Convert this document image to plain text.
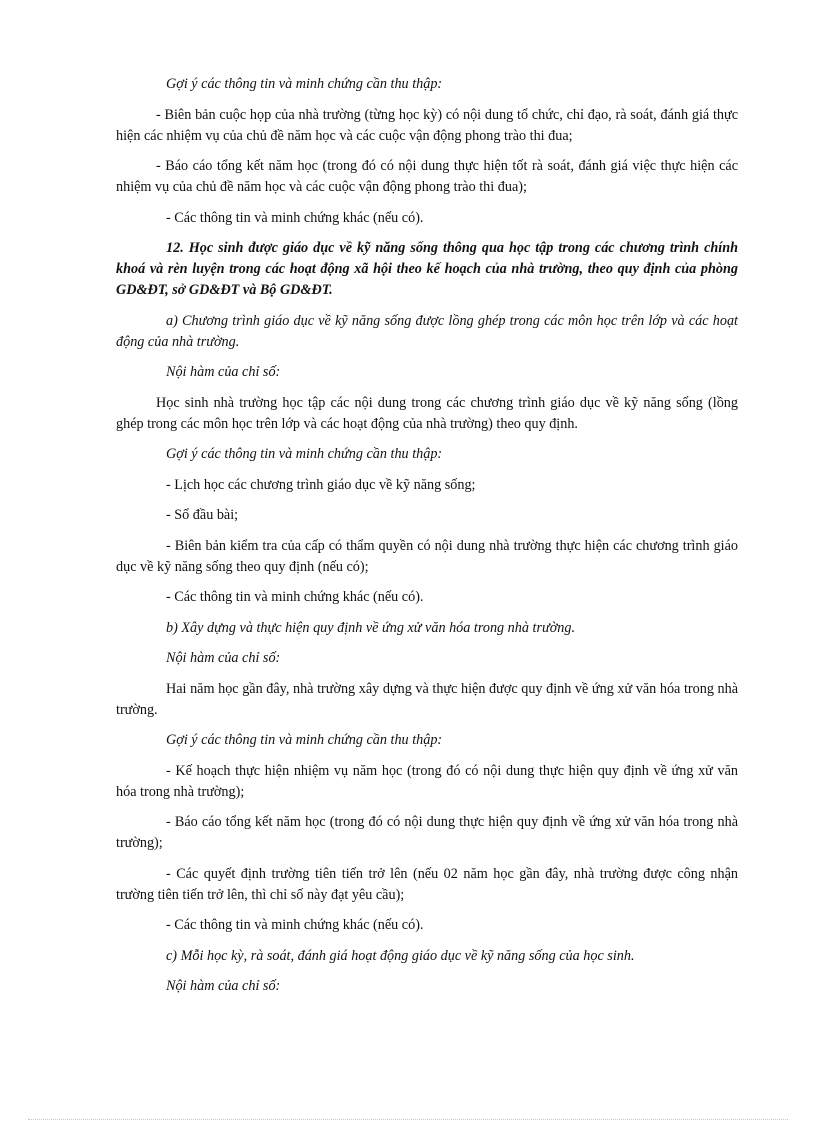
Gợi ý các thông tin và minh chứng cần thu thập:

- Biên bản cuộc họp của nhà trường (từng học kỳ) có nội dung tổ chức, chỉ đạo, rà soát, đánh giá thực hiện các nhiệm vụ của chủ đề năm học và các cuộc vận động phong trào thi đua;

- Báo cáo tổng kết năm học (trong đó có nội dung thực hiện tốt rà soát, đánh giá việc thực hiện các nhiệm vụ của chủ đề năm học và các cuộc vận động phong trào thi đua);

- Các thông tin và minh chứng khác (nếu có).

12. Học sinh được giáo dục về kỹ năng sống thông qua học tập trong các chương trình chính khoá và rèn luyện trong các hoạt động xã hội theo kế hoạch của nhà trường, theo quy định của phòng GD&ĐT, sở GD&ĐT và Bộ GD&ĐT.

a) Chương trình giáo dục về kỹ năng sống được lồng ghép trong các môn học trên lớp và các hoạt động của nhà trường.

Nội hàm của chỉ số:

Học sinh nhà trường học tập các nội dung trong các chương trình giáo dục về kỹ năng sống (lồng ghép trong các môn học trên lớp và các hoạt động của nhà trường) theo quy định.

Gợi ý các thông tin và minh chứng cần thu thập:

- Lịch học các chương trình giáo dục về kỹ năng sống;

- Sổ đầu bài;

- Biên bản kiểm tra của cấp có thẩm quyền có nội dung nhà trường thực hiện các chương trình giáo dục về kỹ năng sống theo quy định (nếu có);

- Các thông tin và minh chứng khác (nếu có).

b) Xây dựng và thực hiện quy định về ứng xử văn hóa trong nhà trường.

Nội hàm của chỉ số:

Hai năm học gần đây, nhà trường xây dựng và thực hiện được quy định về ứng xử văn hóa trong nhà trường.

Gợi ý các thông tin và minh chứng cần thu thập:

- Kế hoạch thực hiện nhiệm vụ năm học (trong đó có nội dung thực hiện quy định về ứng xử văn hóa trong nhà trường);

- Báo cáo tổng kết năm học (trong đó có nội dung thực hiện quy định về ứng xử văn hóa trong nhà trường);

- Các quyết định trường tiên tiến trở lên (nếu 02 năm học gần đây, nhà trường được công nhận trường tiên tiến trở lên, thì chỉ số này đạt yêu cầu);

- Các thông tin và minh chứng khác (nếu có).

c) Mỗi học kỳ, rà soát, đánh giá hoạt động giáo dục về kỹ năng sống của học sinh.

Nội hàm của chỉ số:
